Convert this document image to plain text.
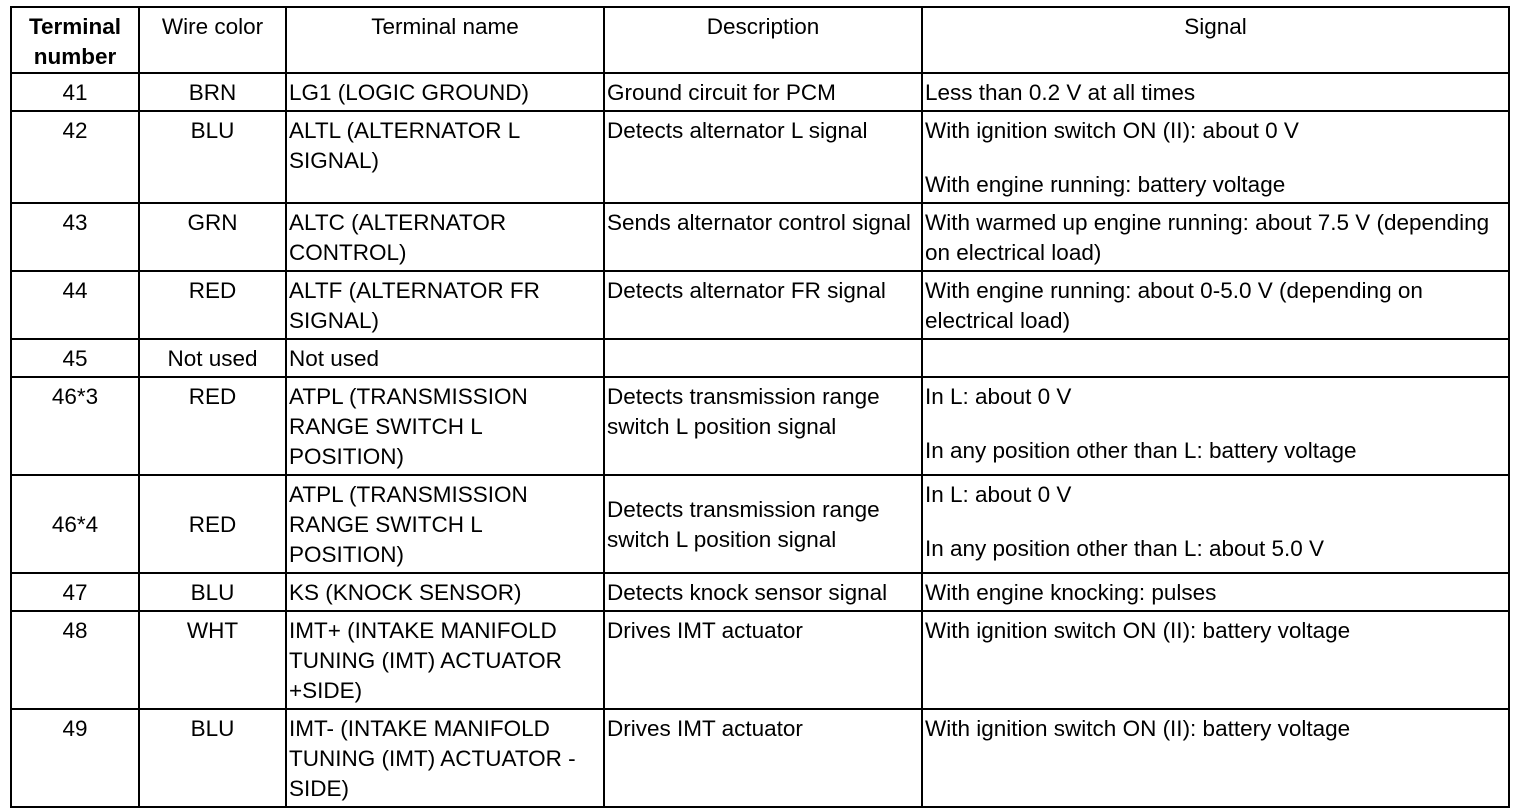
Terminal
number	Wire color	Terminal name	Description	Signal
41	BRN	LG1 (LOGIC GROUND)	Ground circuit for PCM	Less than 0.2 V at all times
42	BLU	ALTL (ALTERNATOR L SIGNAL)	Detects alternator L signal	With ignition switch ON (II): about 0 V
With engine running: battery voltage

43	GRN	ALTC (ALTERNATOR CONTROL)	Sends alternator control signal	With warmed up engine running: about 7.5 V (depending on electrical load)
44	RED	ALTF (ALTERNATOR FR SIGNAL)	Detects alternator FR signal	With engine running: about 0-5.0 V (depending on electrical load)
45	Not used	Not used		
46*3	RED	ATPL (TRANSMISSION RANGE SWITCH L POSITION)	Detects transmission range switch L position signal	In L: about 0 V
In any position other than L: battery voltage

46*4	RED	ATPL (TRANSMISSION RANGE SWITCH L POSITION)	Detects transmission range switch L position signal	In L: about 0 V
In any position other than L: about 5.0 V

47	BLU	KS (KNOCK SENSOR)	Detects knock sensor signal	With engine knocking: pulses
48	WHT	IMT+ (INTAKE MANIFOLD TUNING (IMT) ACTUATOR +SIDE)	Drives IMT actuator	With ignition switch ON (II): battery voltage
49	BLU	IMT- (INTAKE MANIFOLD TUNING (IMT) ACTUATOR -SIDE)	Drives IMT actuator	With ignition switch ON (II): battery voltage
